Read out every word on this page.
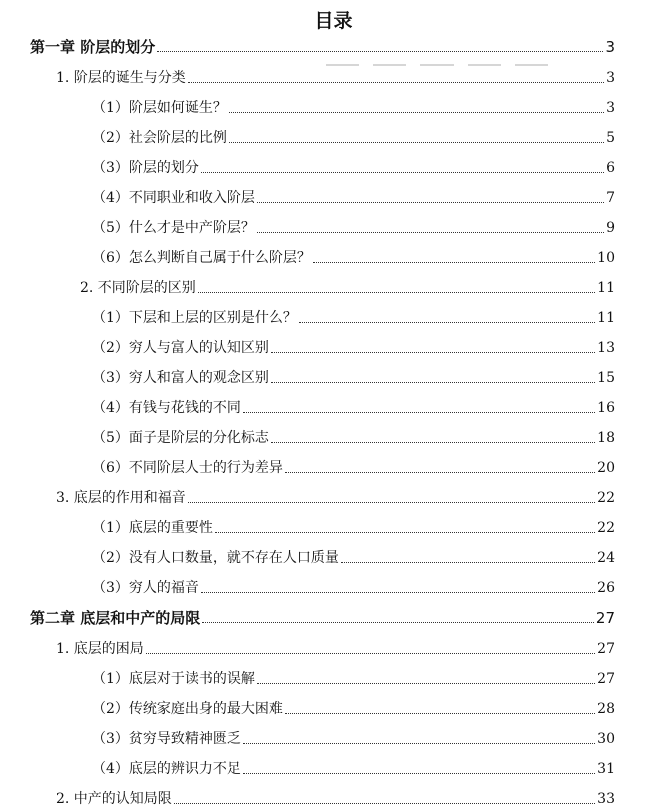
目录
第一章 阶层的划分	3
1. 阶层的诞生与分类	3
（1）阶层如何诞生？	3
（2）社会阶层的比例	5
（3）阶层的划分	6
（4）不同职业和收入阶层	7
（5）什么才是中产阶层？	9
（6）怎么判断自己属于什么阶层？	10
2. 不同阶层的区别	11
（1）下层和上层的区别是什么？	11
（2）穷人与富人的认知区别	13
（3）穷人和富人的观念区别	15
（4）有钱与花钱的不同	16
（5）面子是阶层的分化标志	18
（6）不同阶层人士的行为差异	20
3. 底层的作用和福音	22
（1）底层的重要性	22
（2）没有人口数量，就不存在人口质量	24
（3）穷人的福音	26
第二章 底层和中产的局限	27
1. 底层的困局	27
（1）底层对于读书的误解	27
（2）传统家庭出身的最大困难	28
（3）贫穷导致精神匮乏	30
（4）底层的辨识力不足	31
2. 中产的认知局限	33
